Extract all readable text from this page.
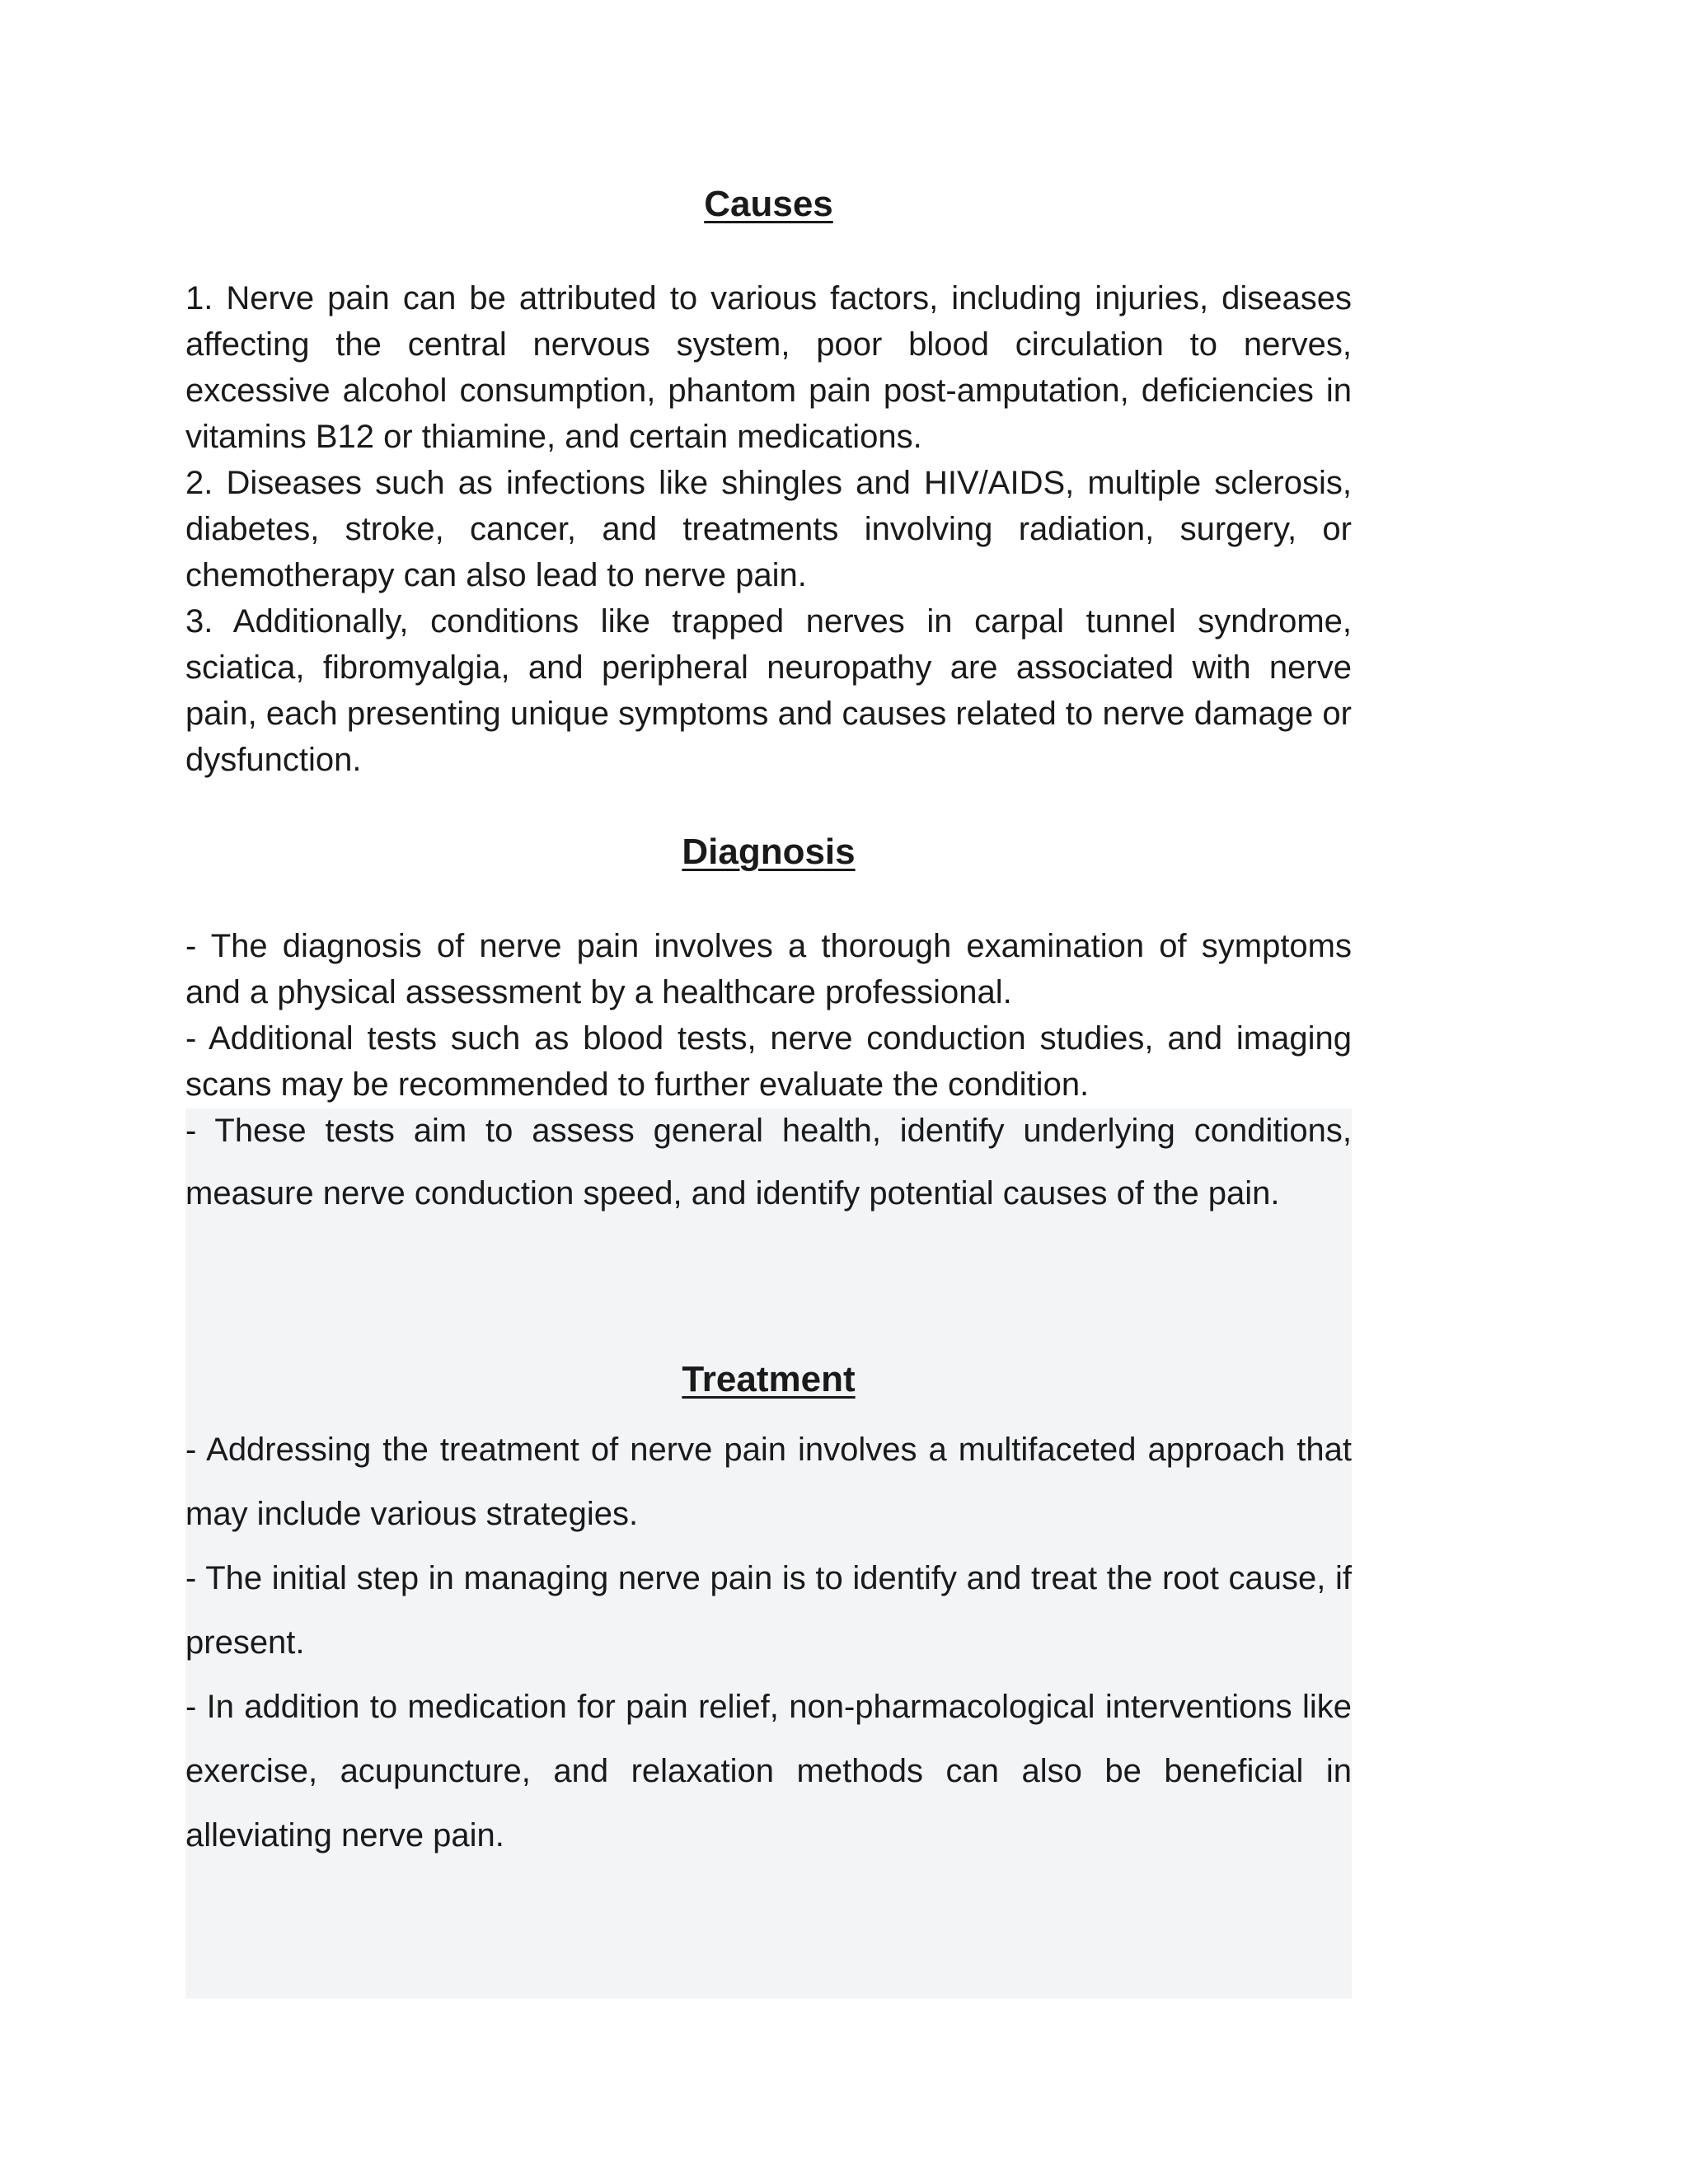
Causes

1. Nerve pain can be attributed to various factors, including injuries, diseases affecting the central nervous system, poor blood circulation to nerves, excessive alcohol consumption, phantom pain post-amputation, deficiencies in vitamins B12 or thiamine, and certain medications.

2. Diseases such as infections like shingles and HIV/AIDS, multiple sclerosis, diabetes, stroke, cancer, and treatments involving radiation, surgery, or chemotherapy can also lead to nerve pain.

3. Additionally, conditions like trapped nerves in carpal tunnel syndrome, sciatica, fibromyalgia, and peripheral neuropathy are associated with nerve pain, each presenting unique symptoms and causes related to nerve damage or dysfunction.

Diagnosis

- The diagnosis of nerve pain involves a thorough examination of symptoms and a physical assessment by a healthcare professional.

- Additional tests such as blood tests, nerve conduction studies, and imaging scans may be recommended to further evaluate the condition.

- These tests aim to assess general health, identify underlying conditions, measure nerve conduction speed, and identify potential causes of the pain.

Treatment

- Addressing the treatment of nerve pain involves a multifaceted approach that may include various strategies.

- The initial step in managing nerve pain is to identify and treat the root cause, if present.

- In addition to medication for pain relief, non-pharmacological interventions like exercise, acupuncture, and relaxation methods can also be beneficial in alleviating nerve pain.
